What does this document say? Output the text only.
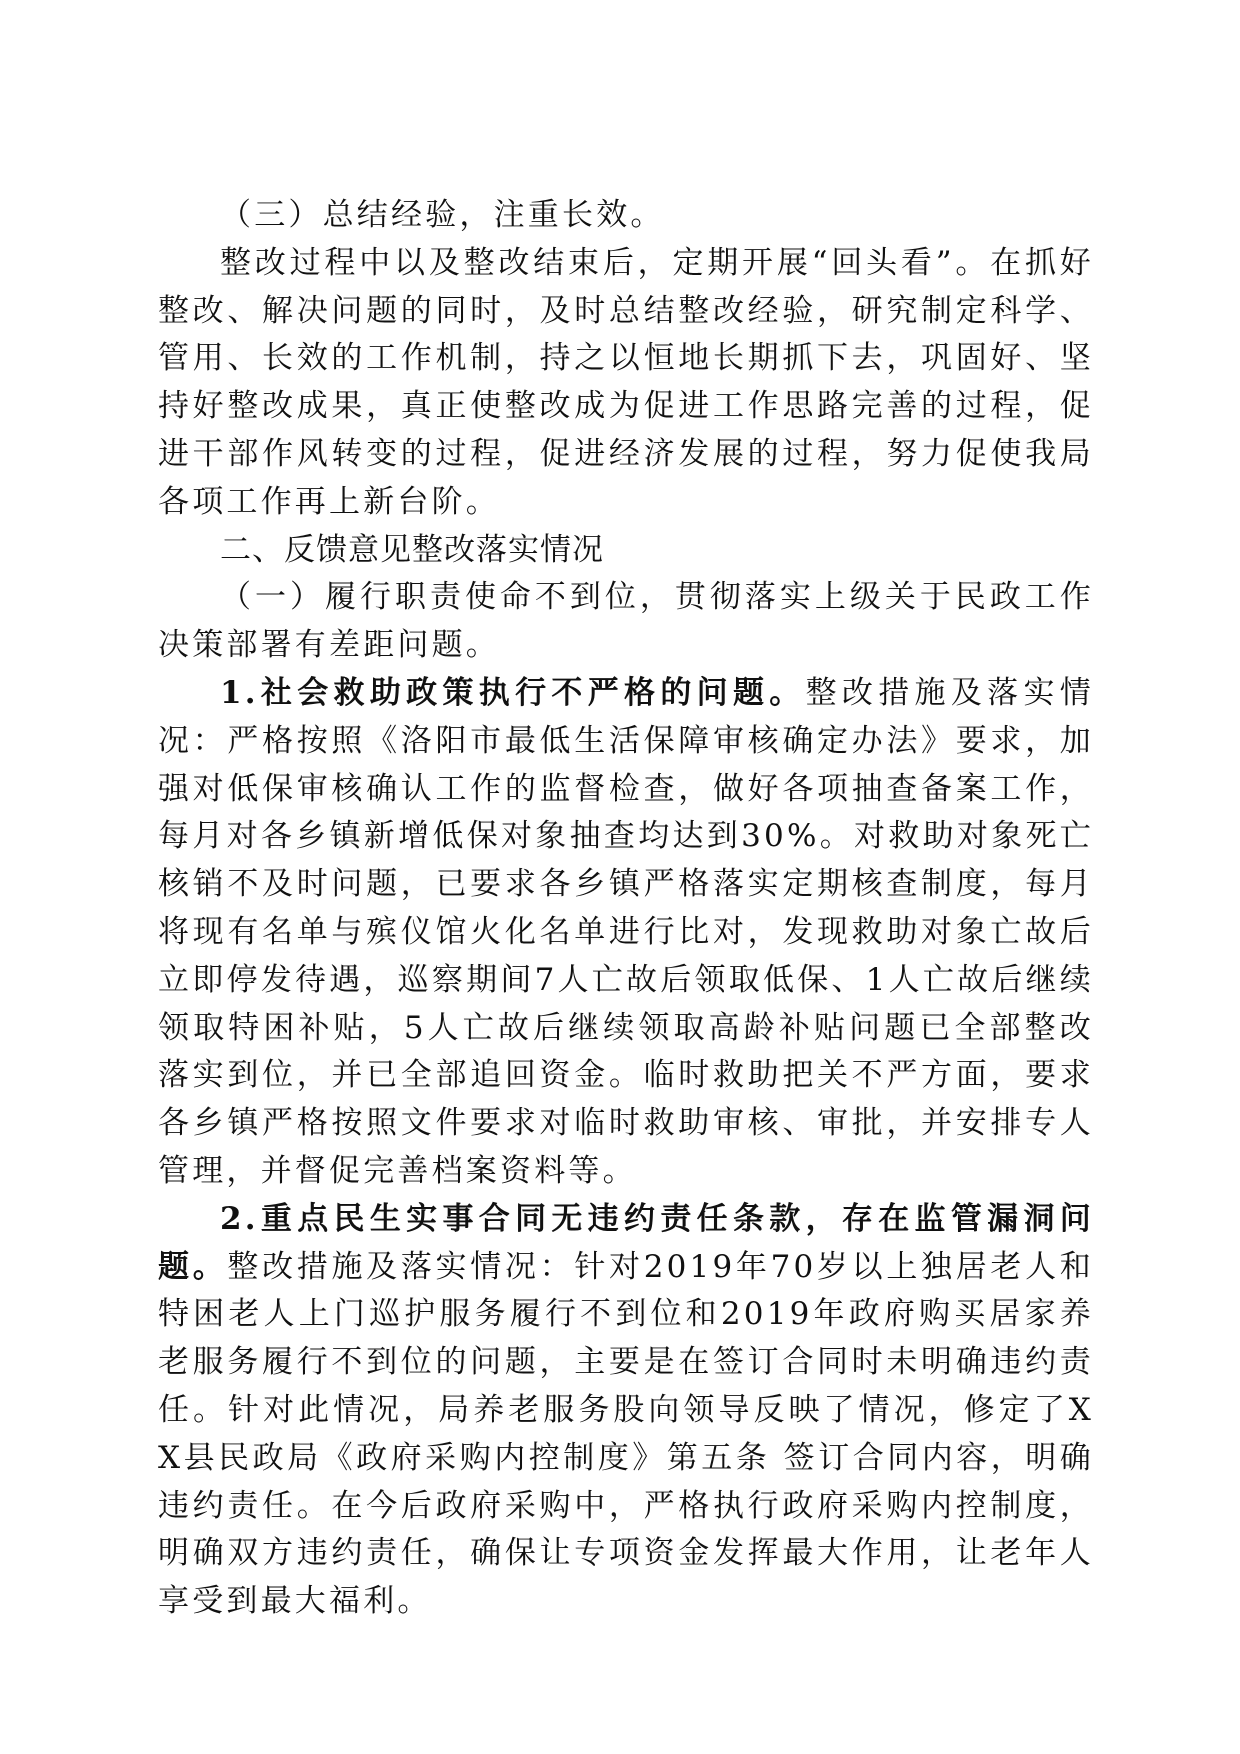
（三）总结经验，注重长效。

整改过程中以及整改结束后，定期开展“回头看”。在抓好整改、解决问题的同时，及时总结整改经验，研究制定科学、管用、长效的工作机制，持之以恒地长期抓下去，巩固好、坚持好整改成果，真正使整改成为促进工作思路完善的过程，促进干部作风转变的过程，促进经济发展的过程，努力促使我局各项工作再上新台阶。

二、反馈意见整改落实情况

（一）履行职责使命不到位，贯彻落实上级关于民政工作决策部署有差距问题。

1.社会救助政策执行不严格的问题。整改措施及落实情况：严格按照《洛阳市最低生活保障审核确定办法》要求，加强对低保审核确认工作的监督检查，做好各项抽查备案工作，每月对各乡镇新增低保对象抽查均达到30%。对救助对象死亡核销不及时问题，已要求各乡镇严格落实定期核查制度，每月将现有名单与殡仪馆火化名单进行比对，发现救助对象亡故后立即停发待遇，巡察期间7人亡故后领取低保、1人亡故后继续领取特困补贴，5人亡故后继续领取高龄补贴问题已全部整改落实到位，并已全部追回资金。临时救助把关不严方面，要求各乡镇严格按照文件要求对临时救助审核、审批，并安排专人管理，并督促完善档案资料等。

2.重点民生实事合同无违约责任条款，存在监管漏洞问题。整改措施及落实情况：针对2019年70岁以上独居老人和特困老人上门巡护服务履行不到位和2019年政府购买居家养老服务履行不到位的问题，主要是在签订合同时未明确违约责任。针对此情况，局养老服务股向领导反映了情况，修定了XX县民政局《政府采购内控制度》第五条 签订合同内容，明确违约责任。在今后政府采购中，严格执行政府采购内控制度，明确双方违约责任，确保让专项资金发挥最大作用，让老年人享受到最大福利。
